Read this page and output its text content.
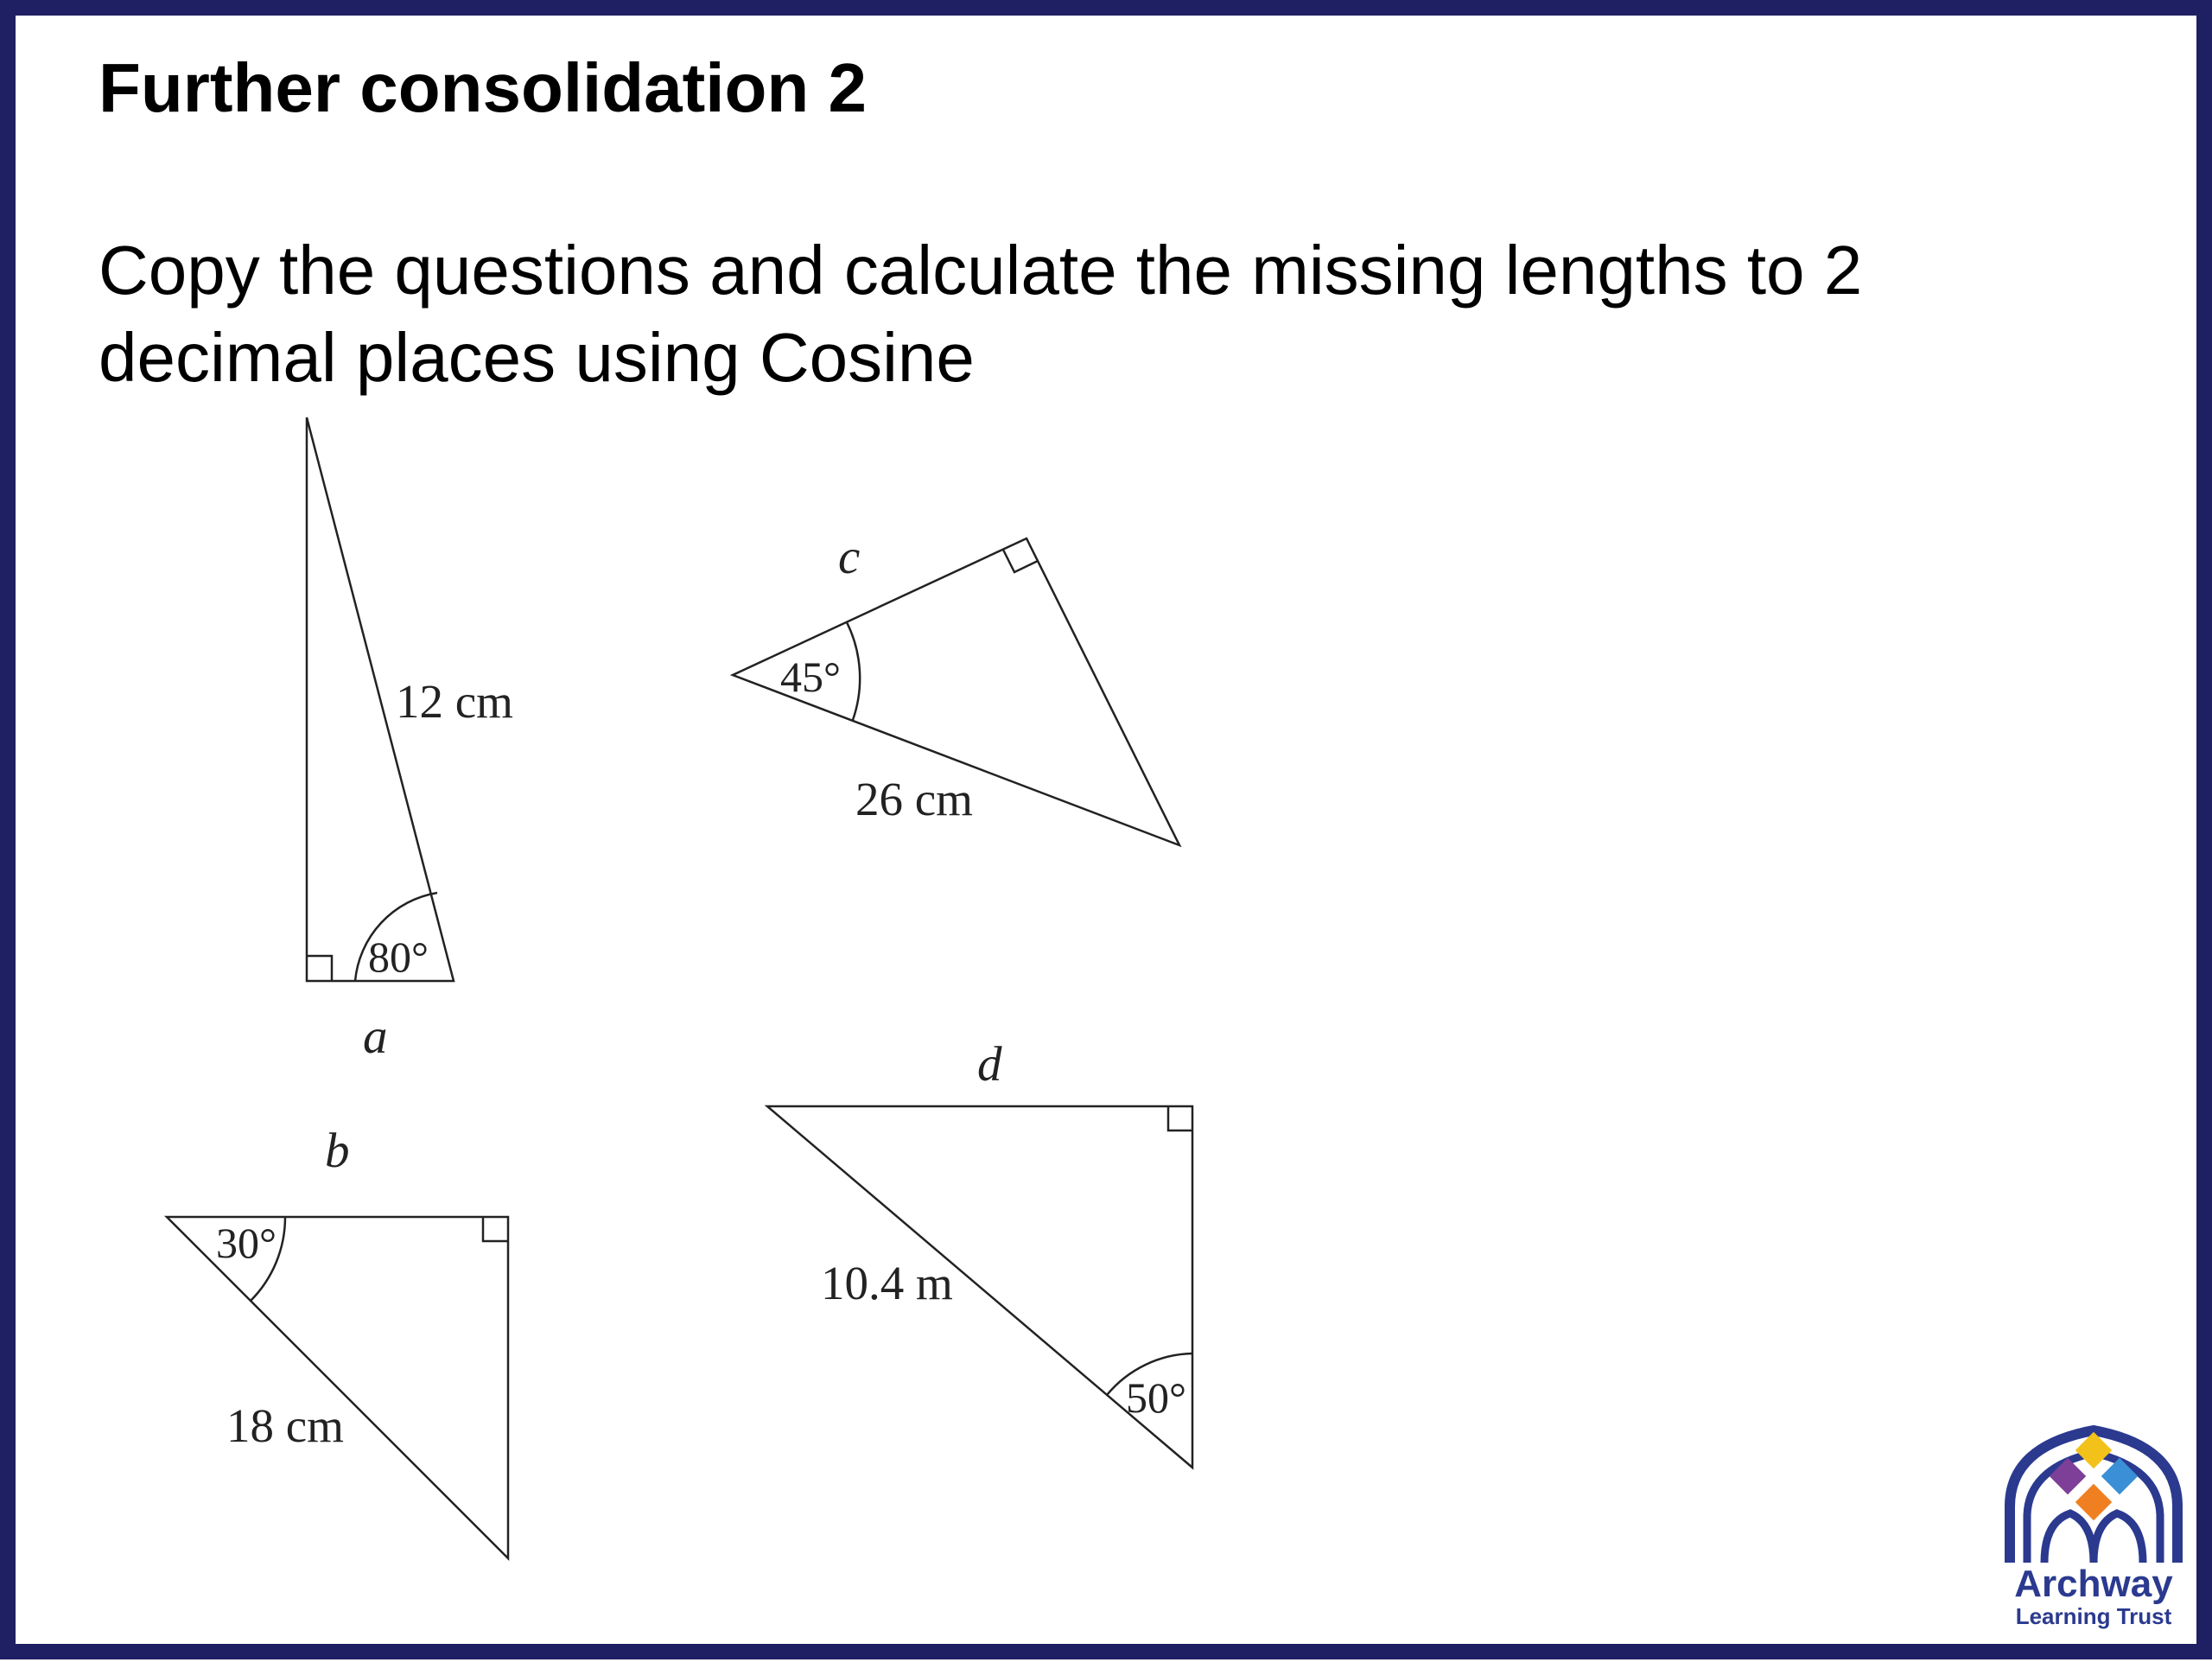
Further consolidation 2

Copy the questions and calculate the missing lengths to 2 decimal places using Cosine

12 cm
80°
a
30°
18 cm
b
45°
26 cm
c
50°
10.4 m
d
Archway
Learning Trust
